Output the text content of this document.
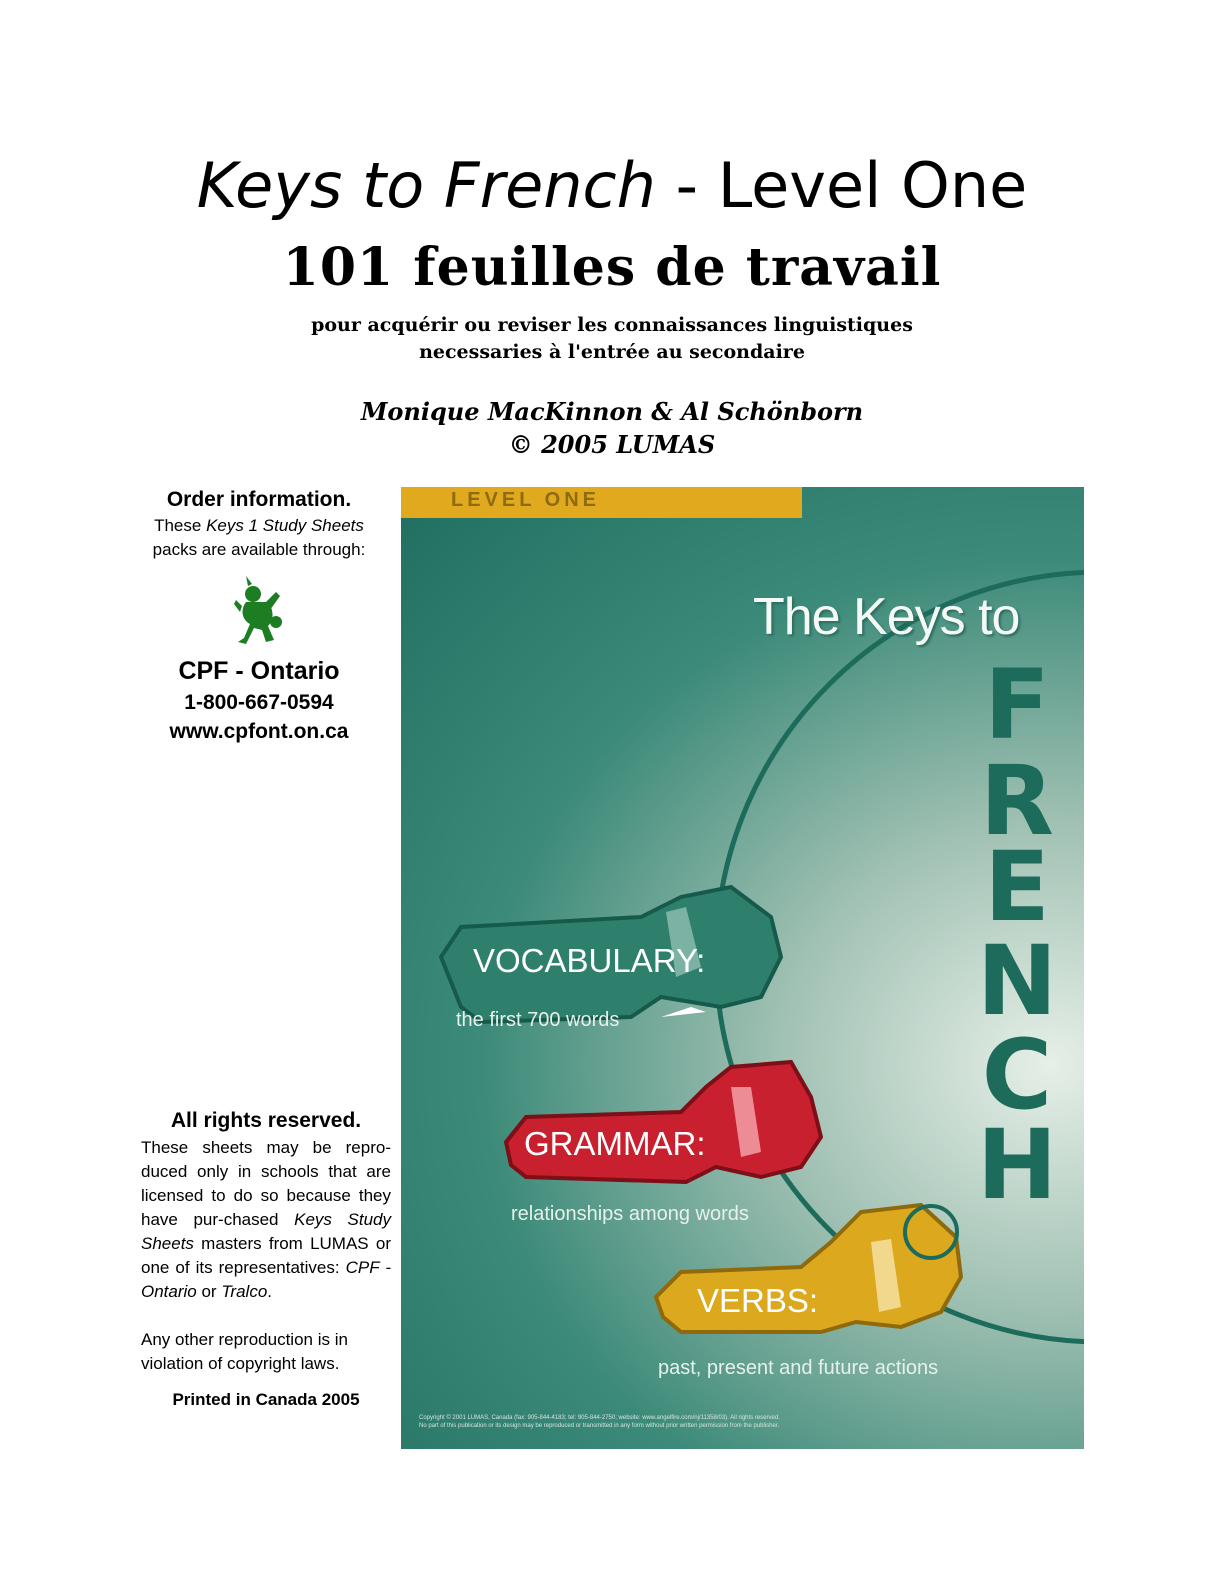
Keys to French - Level One
101 feuilles de travail
pour acquérir ou reviser les connaissances linguistiques
necessaries à l'entrée au secondaire
Monique MacKinnon & Al Schönborn
© 2005 LUMAS
Order information.
These Keys 1 Study Sheets
packs are available through:
CPF - Ontario
1-800-667-0594
www.cpfont.on.ca
All rights reserved.
These sheets may be repro-duced only in schools that are licensed to do so because they have pur-chased Keys Study Sheets masters from LUMAS or one of its representatives: CPF - Ontario or Tralco.
Any other reproduction is in violation of copyright laws.
Printed in Canada 2005
LEVEL ONE
The Keys to
F
R
E
N
C
H
VOCABULARY:
the first 700 words
GRAMMAR:
relationships among words
VERBS:
past, present and future actions
Copyright © 2001 LUMAS, Canada (fax: 905-844-4183; tel: 905-844-2750; website: www.angelfire.com/nj/11358/03). All rights reserved.
No part of this publication or its design may be reproduced or transmitted in any form without prior written permission from the publisher.
